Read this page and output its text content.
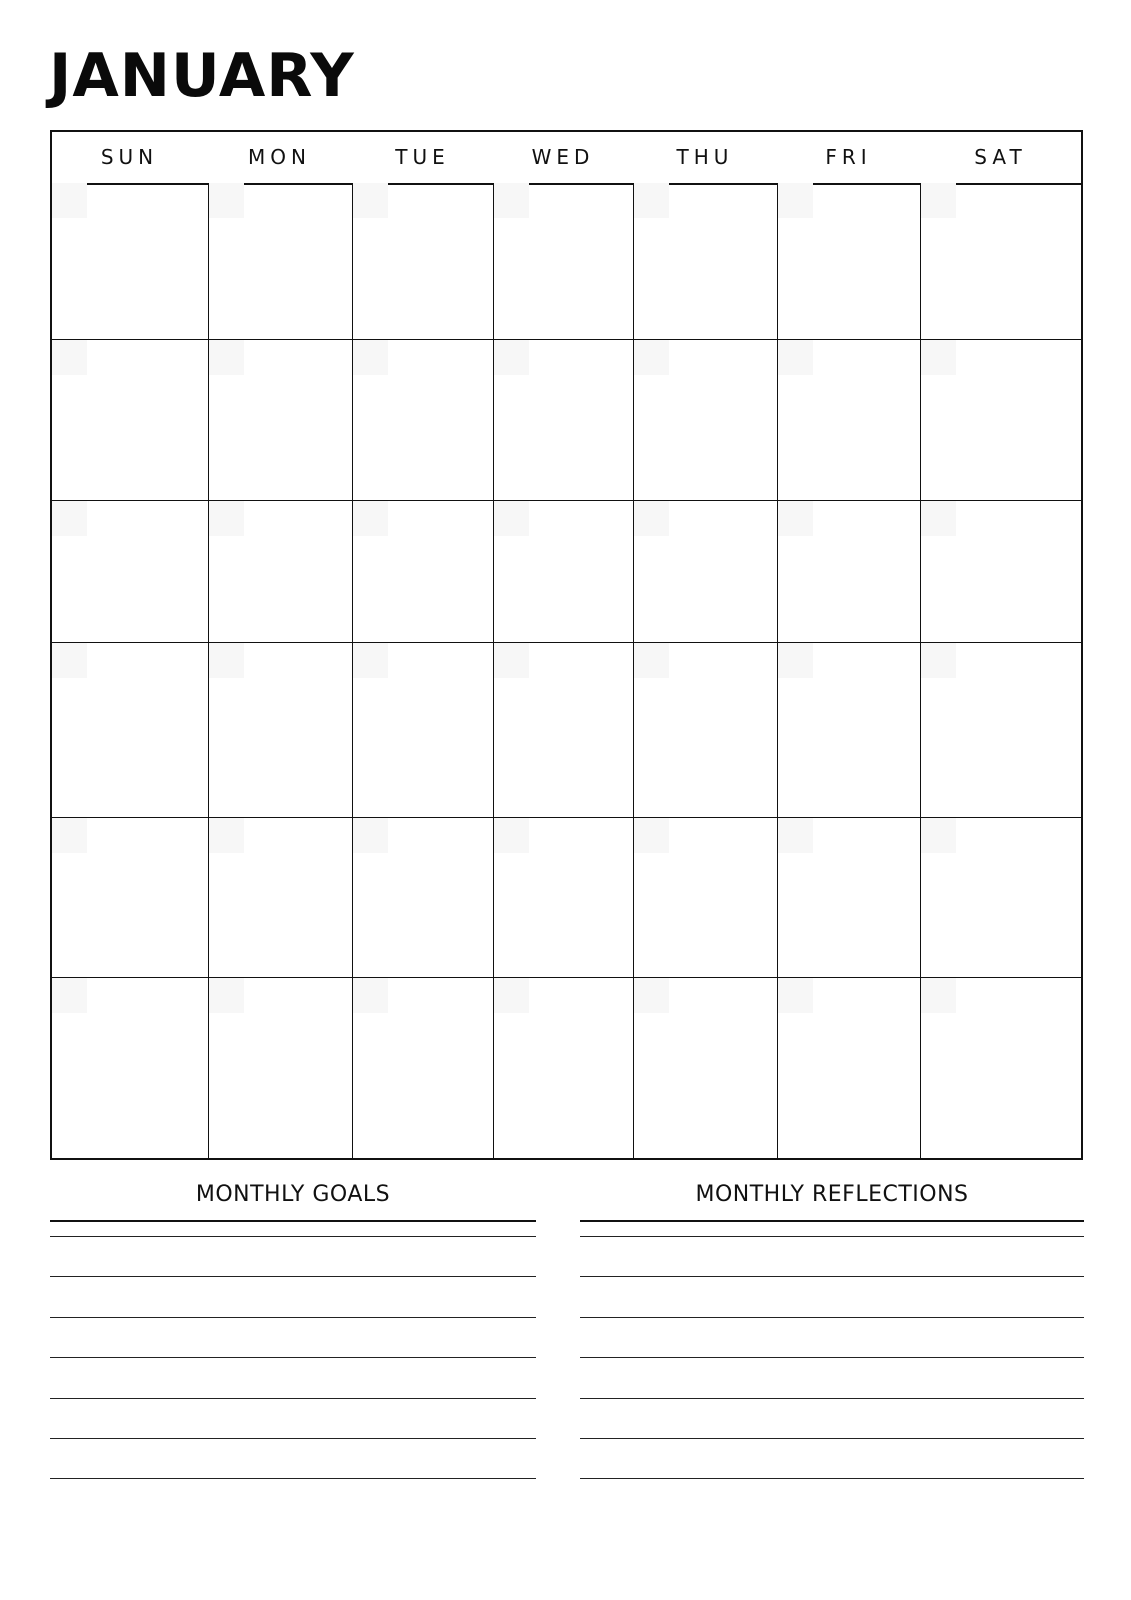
JANUARY
SUN	MON	TUE	WED	THU	FRI	SAT
MONTHLY GOALS	MONTHLY REFLECTIONS
